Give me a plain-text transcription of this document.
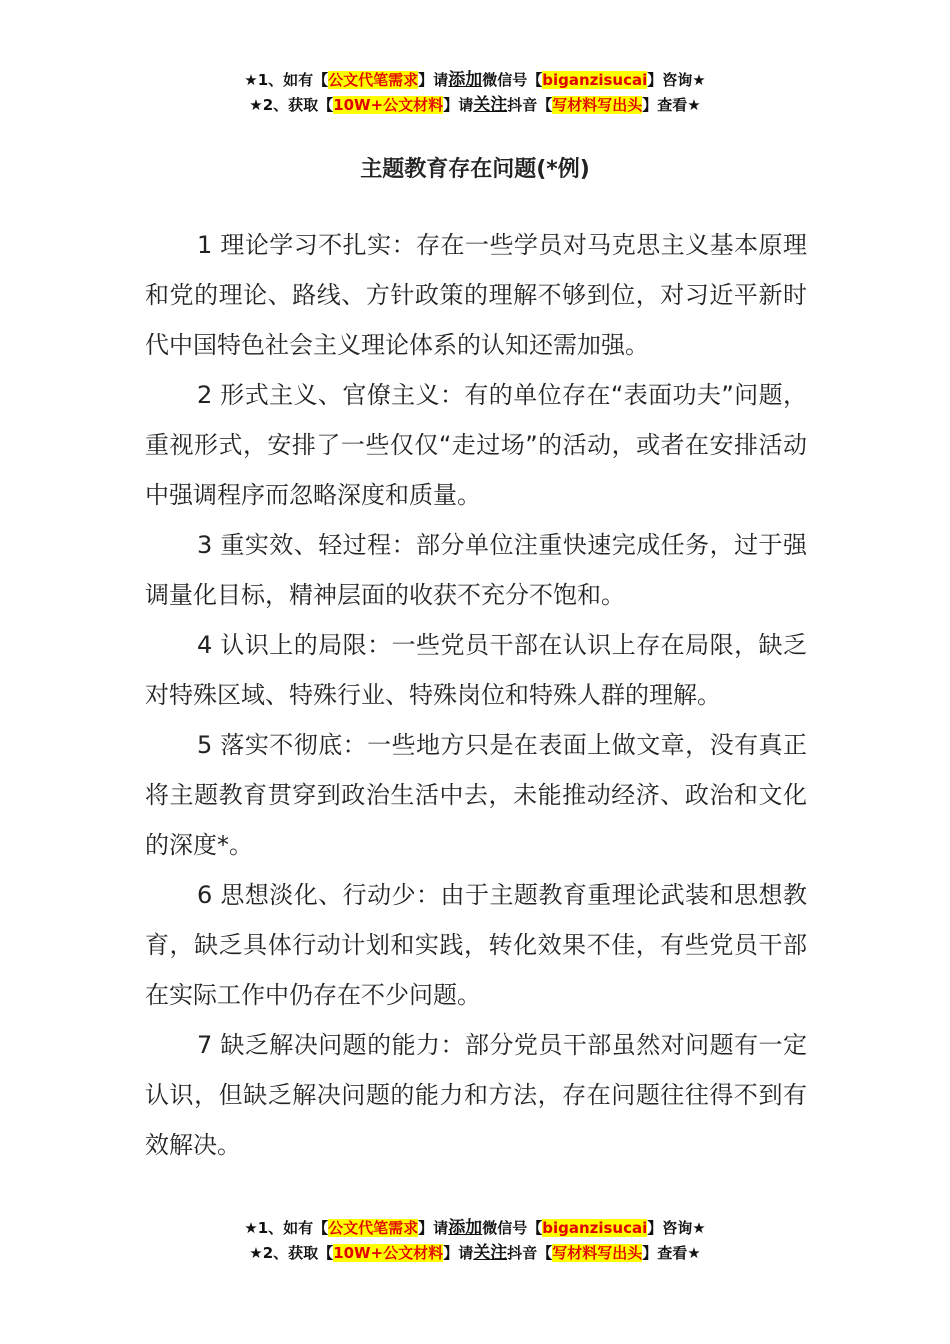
★1、如有【公文代笔需求】请添加微信号【biganzisucai】咨询★
★2、获取【10W+公文材料】请关注抖音【写材料写出头】查看★
主题教育存在问题(*例)

1 理论学习不扎实：存在一些学员对马克思主义基本原理和党的理论、路线、方针政策的理解不够到位，对习近平新时代中国特色社会主义理论体系的认知还需加强。

2 形式主义、官僚主义：有的单位存在“表面功夫”问题，重视形式，安排了一些仅仅“走过场”的活动，或者在安排活动中强调程序而忽略深度和质量。

3 重实效、轻过程：部分单位注重快速完成任务，过于强调量化目标，精神层面的收获不充分不饱和。

4 认识上的局限：一些党员干部在认识上存在局限，缺乏对特殊区域、特殊行业、特殊岗位和特殊人群的理解。

5 落实不彻底：一些地方只是在表面上做文章，没有真正将主题教育贯穿到政治生活中去，未能推动经济、政治和文化的深度*。

6 思想淡化、行动少：由于主题教育重理论武装和思想教育，缺乏具体行动计划和实践，转化效果不佳，有些党员干部在实际工作中仍存在不少问题。

7 缺乏解决问题的能力：部分党员干部虽然对问题有一定认识，但缺乏解决问题的能力和方法，存在问题往往得不到有效解决。

★1、如有【公文代笔需求】请添加微信号【biganzisucai】咨询★
★2、获取【10W+公文材料】请关注抖音【写材料写出头】查看★
